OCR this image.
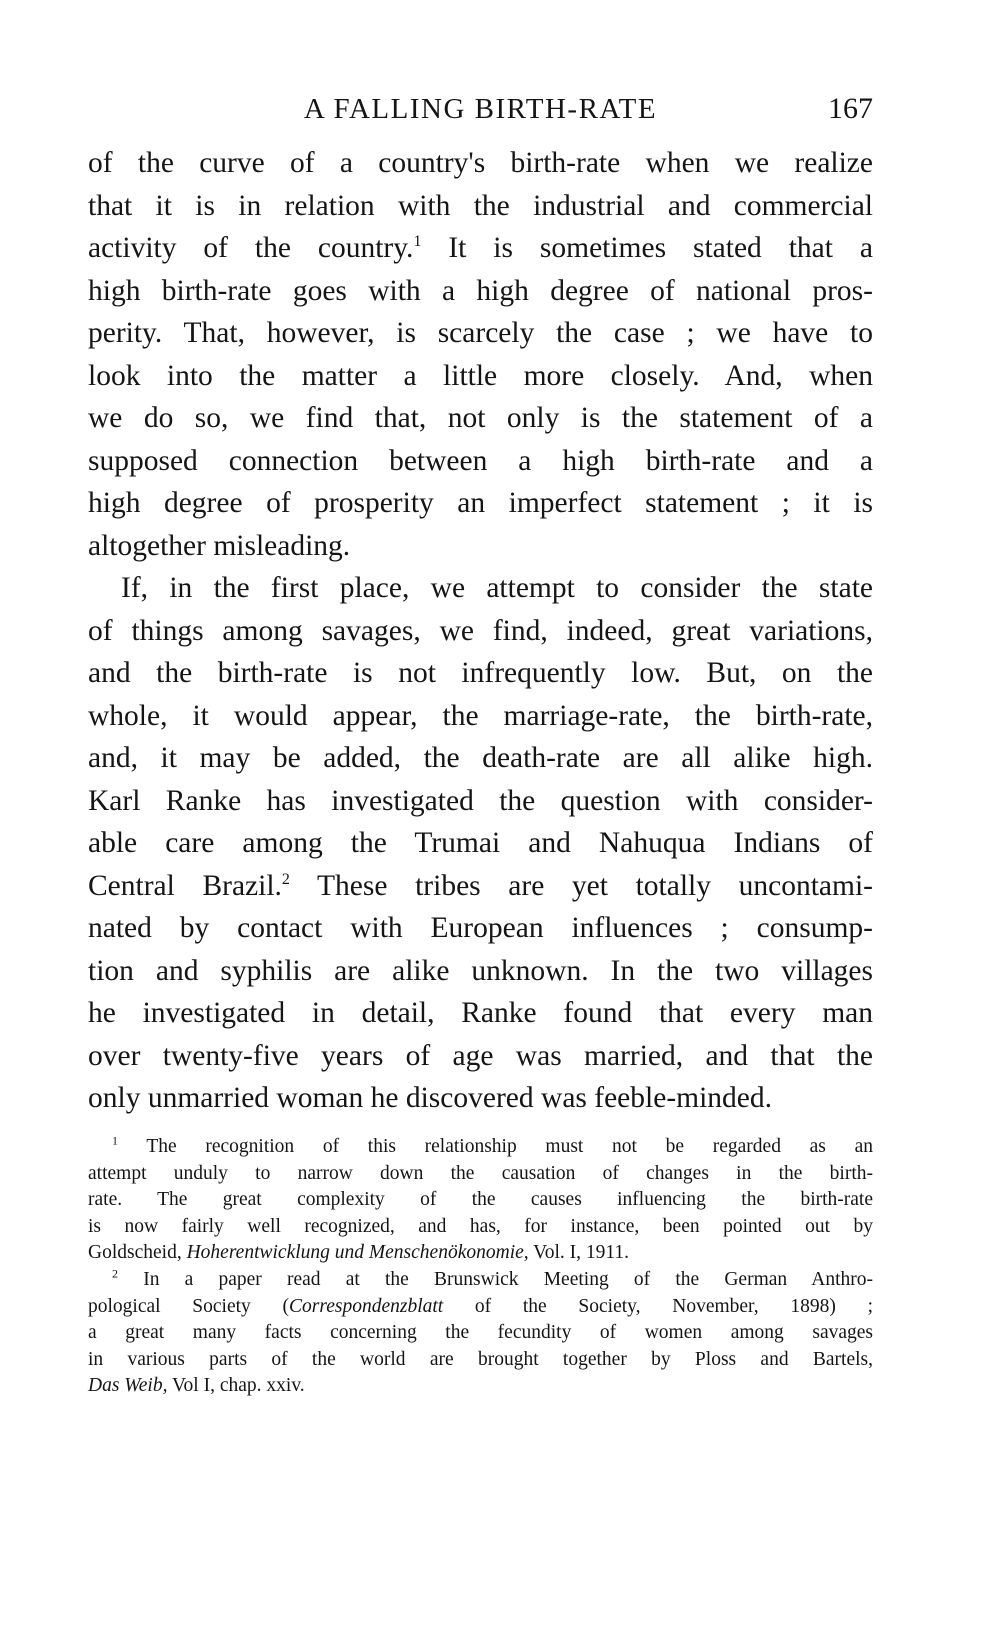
A FALLING BIRTH-RATE	167
of the curve of a country's birth-rate when we realize
that it is in relation with the industrial and commercial
activity of the country.$^1$ It is sometimes stated that a
high birth-rate goes with a high degree of national pros-
perity. That, however, is scarcely the case ; we have to
look into the matter a little more closely. And, when
we do so, we find that, not only is the statement of a
supposed connection between a high birth-rate and a
high degree of prosperity an imperfect statement ; it is
altogether misleading.
If, in the first place, we attempt to consider the state
of things among savages, we find, indeed, great variations,
and the birth-rate is not infrequently low. But, on the
whole, it would appear, the marriage-rate, the birth-rate,
and, it may be added, the death-rate are all alike high.
Karl Ranke has investigated the question with consider-
able care among the Trumai and Nahuqua Indians of
Central Brazil.$^2$ These tribes are yet totally uncontami-
nated by contact with European influences ; consump-
tion and syphilis are alike unknown. In the two villages
he investigated in detail, Ranke found that every man
over twenty-five years of age was married, and that the
only unmarried woman he discovered was feeble-minded.
$^1$ The recognition of this relationship must not be regarded as an
attempt unduly to narrow down the causation of changes in the birth-
rate. The great complexity of the causes influencing the birth-rate
is now fairly well recognized, and has, for instance, been pointed out by
Goldscheid, Hoherentwicklung und Menschenökonomie, Vol. I, 1911.
$^2$ In a paper read at the Brunswick Meeting of the German Anthro-
pological Society (Correspondenzblatt of the Society, November, 1898) ;
a great many facts concerning the fecundity of women among savages
in various parts of the world are brought together by Ploss and Bartels,
Das Weib, Vol I, chap. xxiv.
